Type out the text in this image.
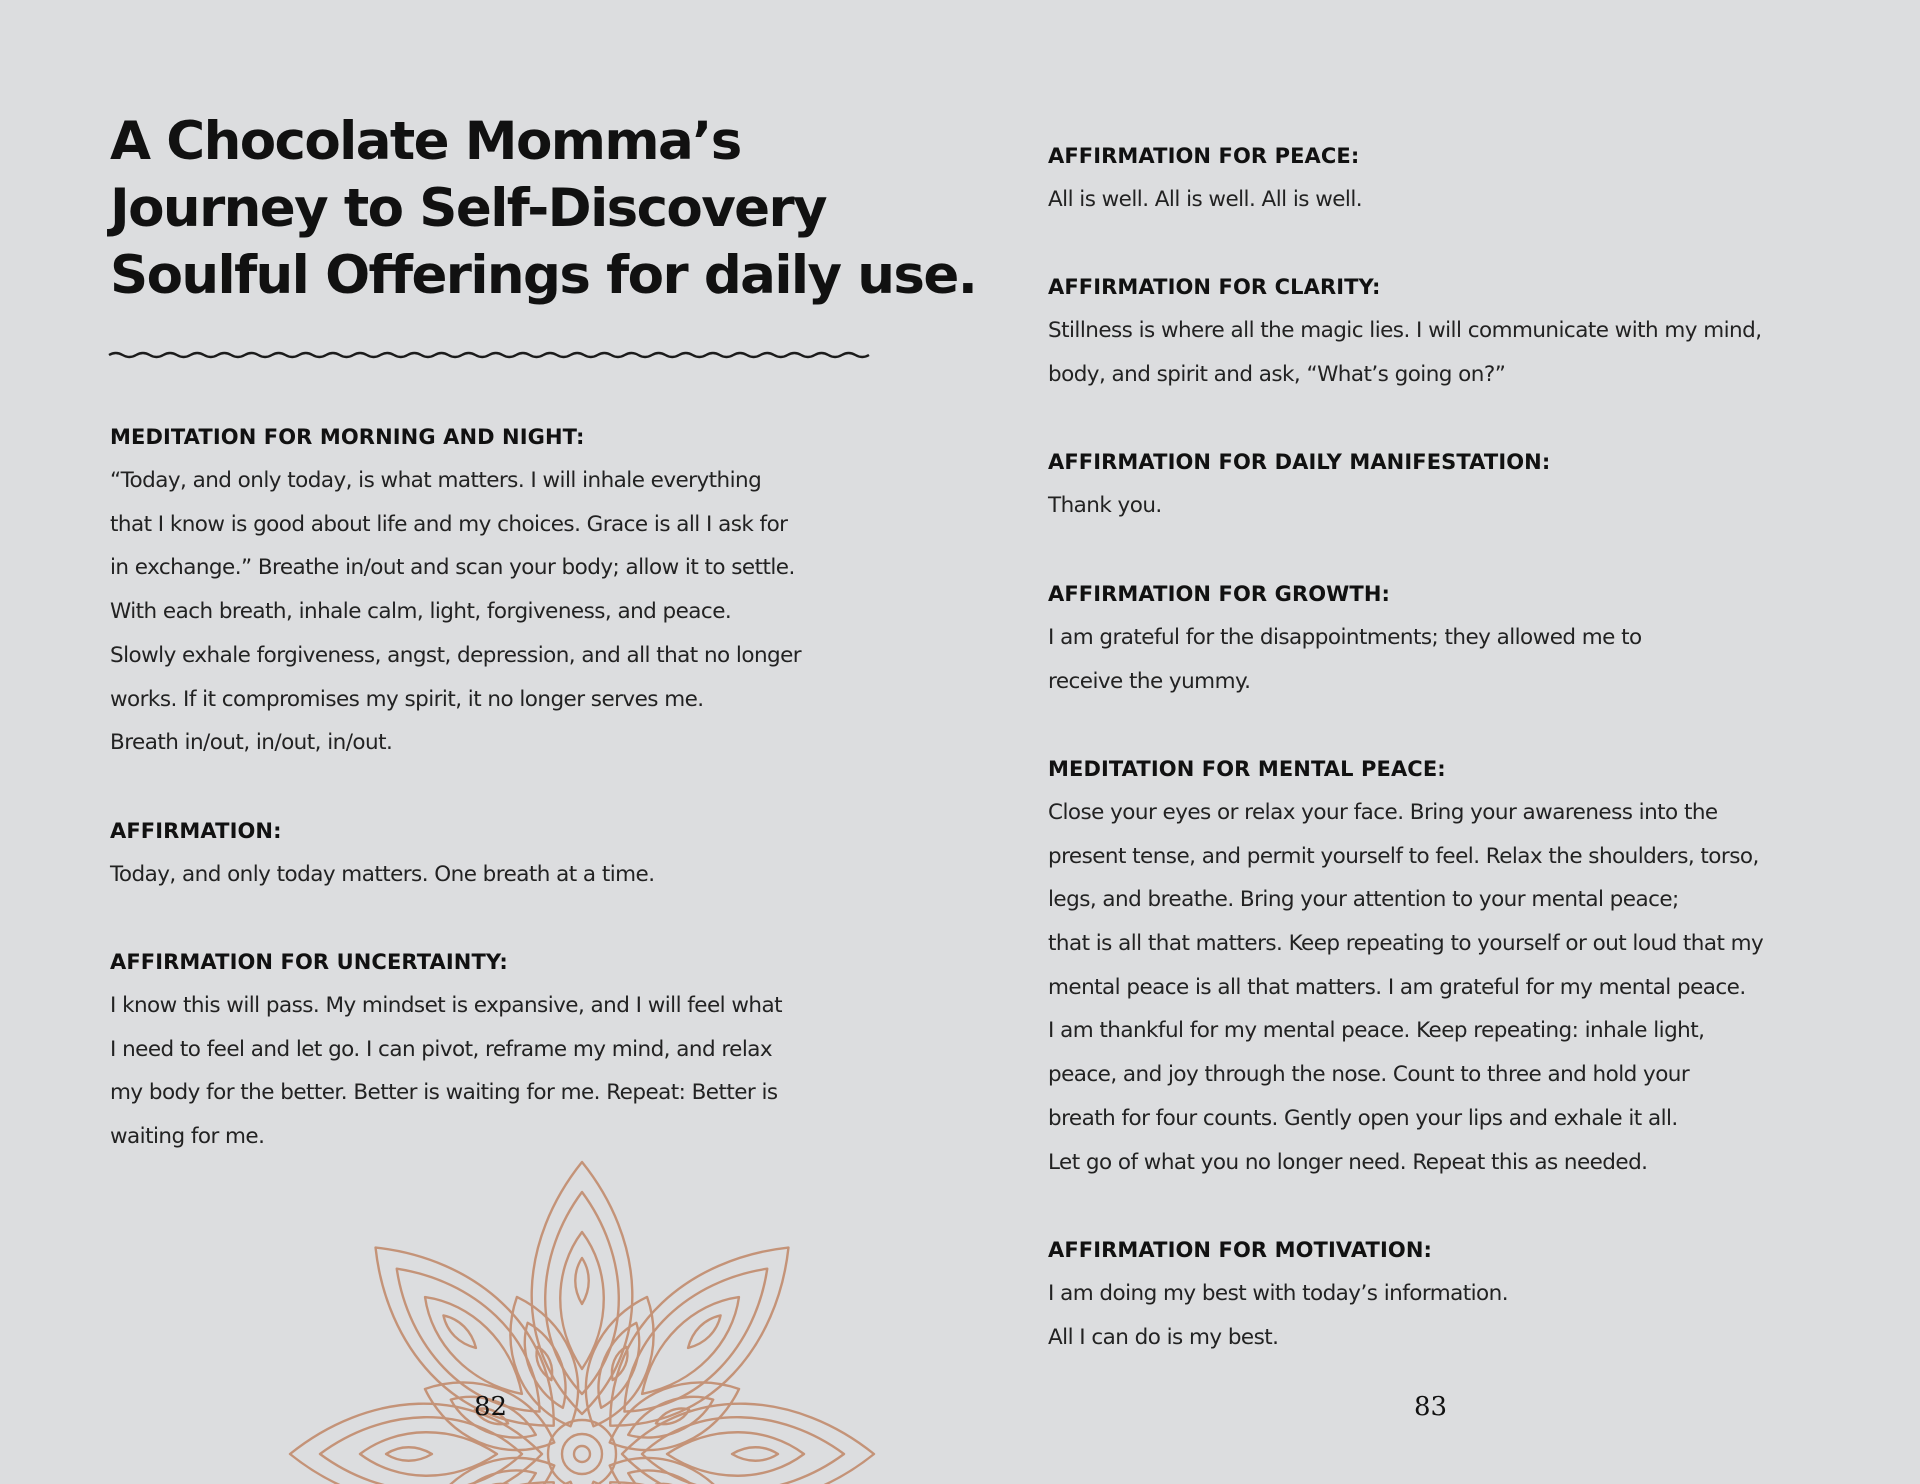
A Chocolate Momma’s
Journey to Self-Discovery
Soulful Offerings for daily use.
MEDITATION FOR MORNING AND NIGHT:
“Today, and only today, is what matters. I will inhale everything
that I know is good about life and my choices. Grace is all I ask for
in exchange.” Breathe in/out and scan your body; allow it to settle.
With each breath, inhale calm, light, forgiveness, and peace.
Slowly exhale forgiveness, angst, depression, and all that no longer
works. If it compromises my spirit, it no longer serves me.
Breath in/out, in/out, in/out.
AFFIRMATION:
Today, and only today matters. One breath at a time.
AFFIRMATION FOR UNCERTAINTY:
I know this will pass. My mindset is expansive, and I will feel what
I need to feel and let go. I can pivot, reframe my mind, and relax
my body for the better. Better is waiting for me. Repeat: Better is
waiting for me.
82
AFFIRMATION FOR PEACE:
All is well. All is well. All is well.
AFFIRMATION FOR CLARITY:
Stillness is where all the magic lies. I will communicate with my mind,
body, and spirit and ask, “What’s going on?”
AFFIRMATION FOR DAILY MANIFESTATION:
Thank you.
AFFIRMATION FOR GROWTH:
I am grateful for the disappointments; they allowed me to
receive the yummy.
MEDITATION FOR MENTAL PEACE:
Close your eyes or relax your face. Bring your awareness into the
present tense, and permit yourself to feel. Relax the shoulders, torso,
legs, and breathe. Bring your attention to your mental peace;
that is all that matters. Keep repeating to yourself or out loud that my
mental peace is all that matters. I am grateful for my mental peace.
I am thankful for my mental peace. Keep repeating: inhale light,
peace, and joy through the nose. Count to three and hold your
breath for four counts. Gently open your lips and exhale it all.
Let go of what you no longer need. Repeat this as needed.
AFFIRMATION FOR MOTIVATION:
I am doing my best with today’s information.
All I can do is my best.
83
